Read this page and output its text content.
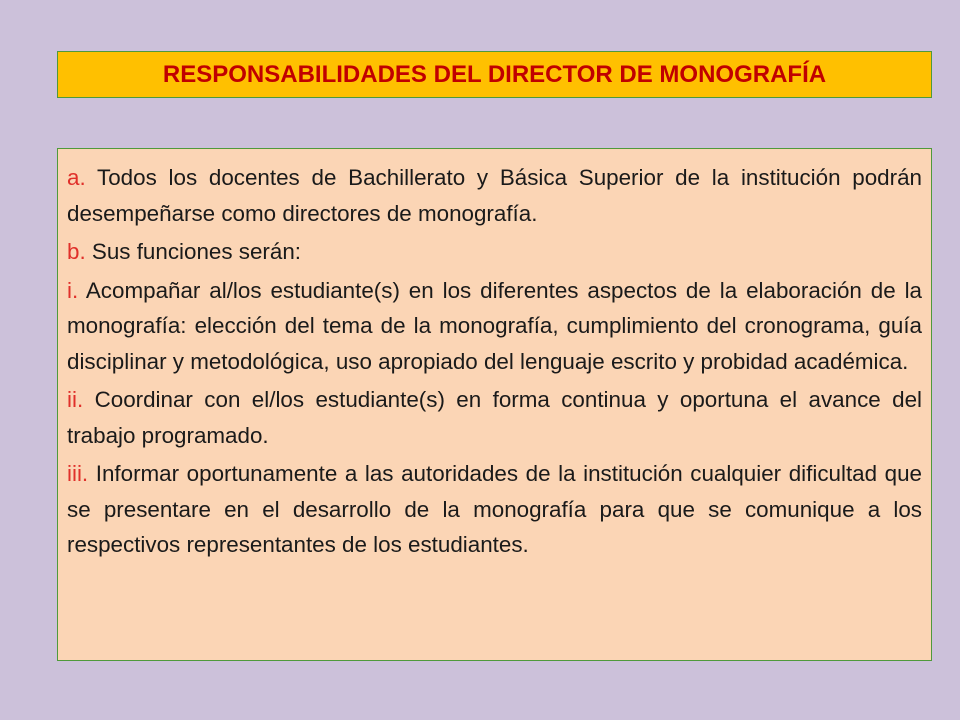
RESPONSABILIDADES DEL DIRECTOR DE MONOGRAFÍA

a. Todos los docentes de Bachillerato y Básica Superior de la institución podrán desempeñarse como directores de monografía.

b. Sus funciones serán:

i. Acompañar al/los estudiante(s) en los diferentes aspectos de la elaboración de la monografía: elección del tema de la monografía, cumplimiento del cronograma, guía disciplinar y metodológica, uso apropiado del lenguaje escrito y probidad académica.

ii. Coordinar con el/los estudiante(s) en forma continua y oportuna el avance del trabajo programado.

iii. Informar oportunamente a las autoridades de la institución cualquier dificultad que se presentare en el desarrollo de la monografía para que se comunique a los respectivos representantes de los estudiantes.
